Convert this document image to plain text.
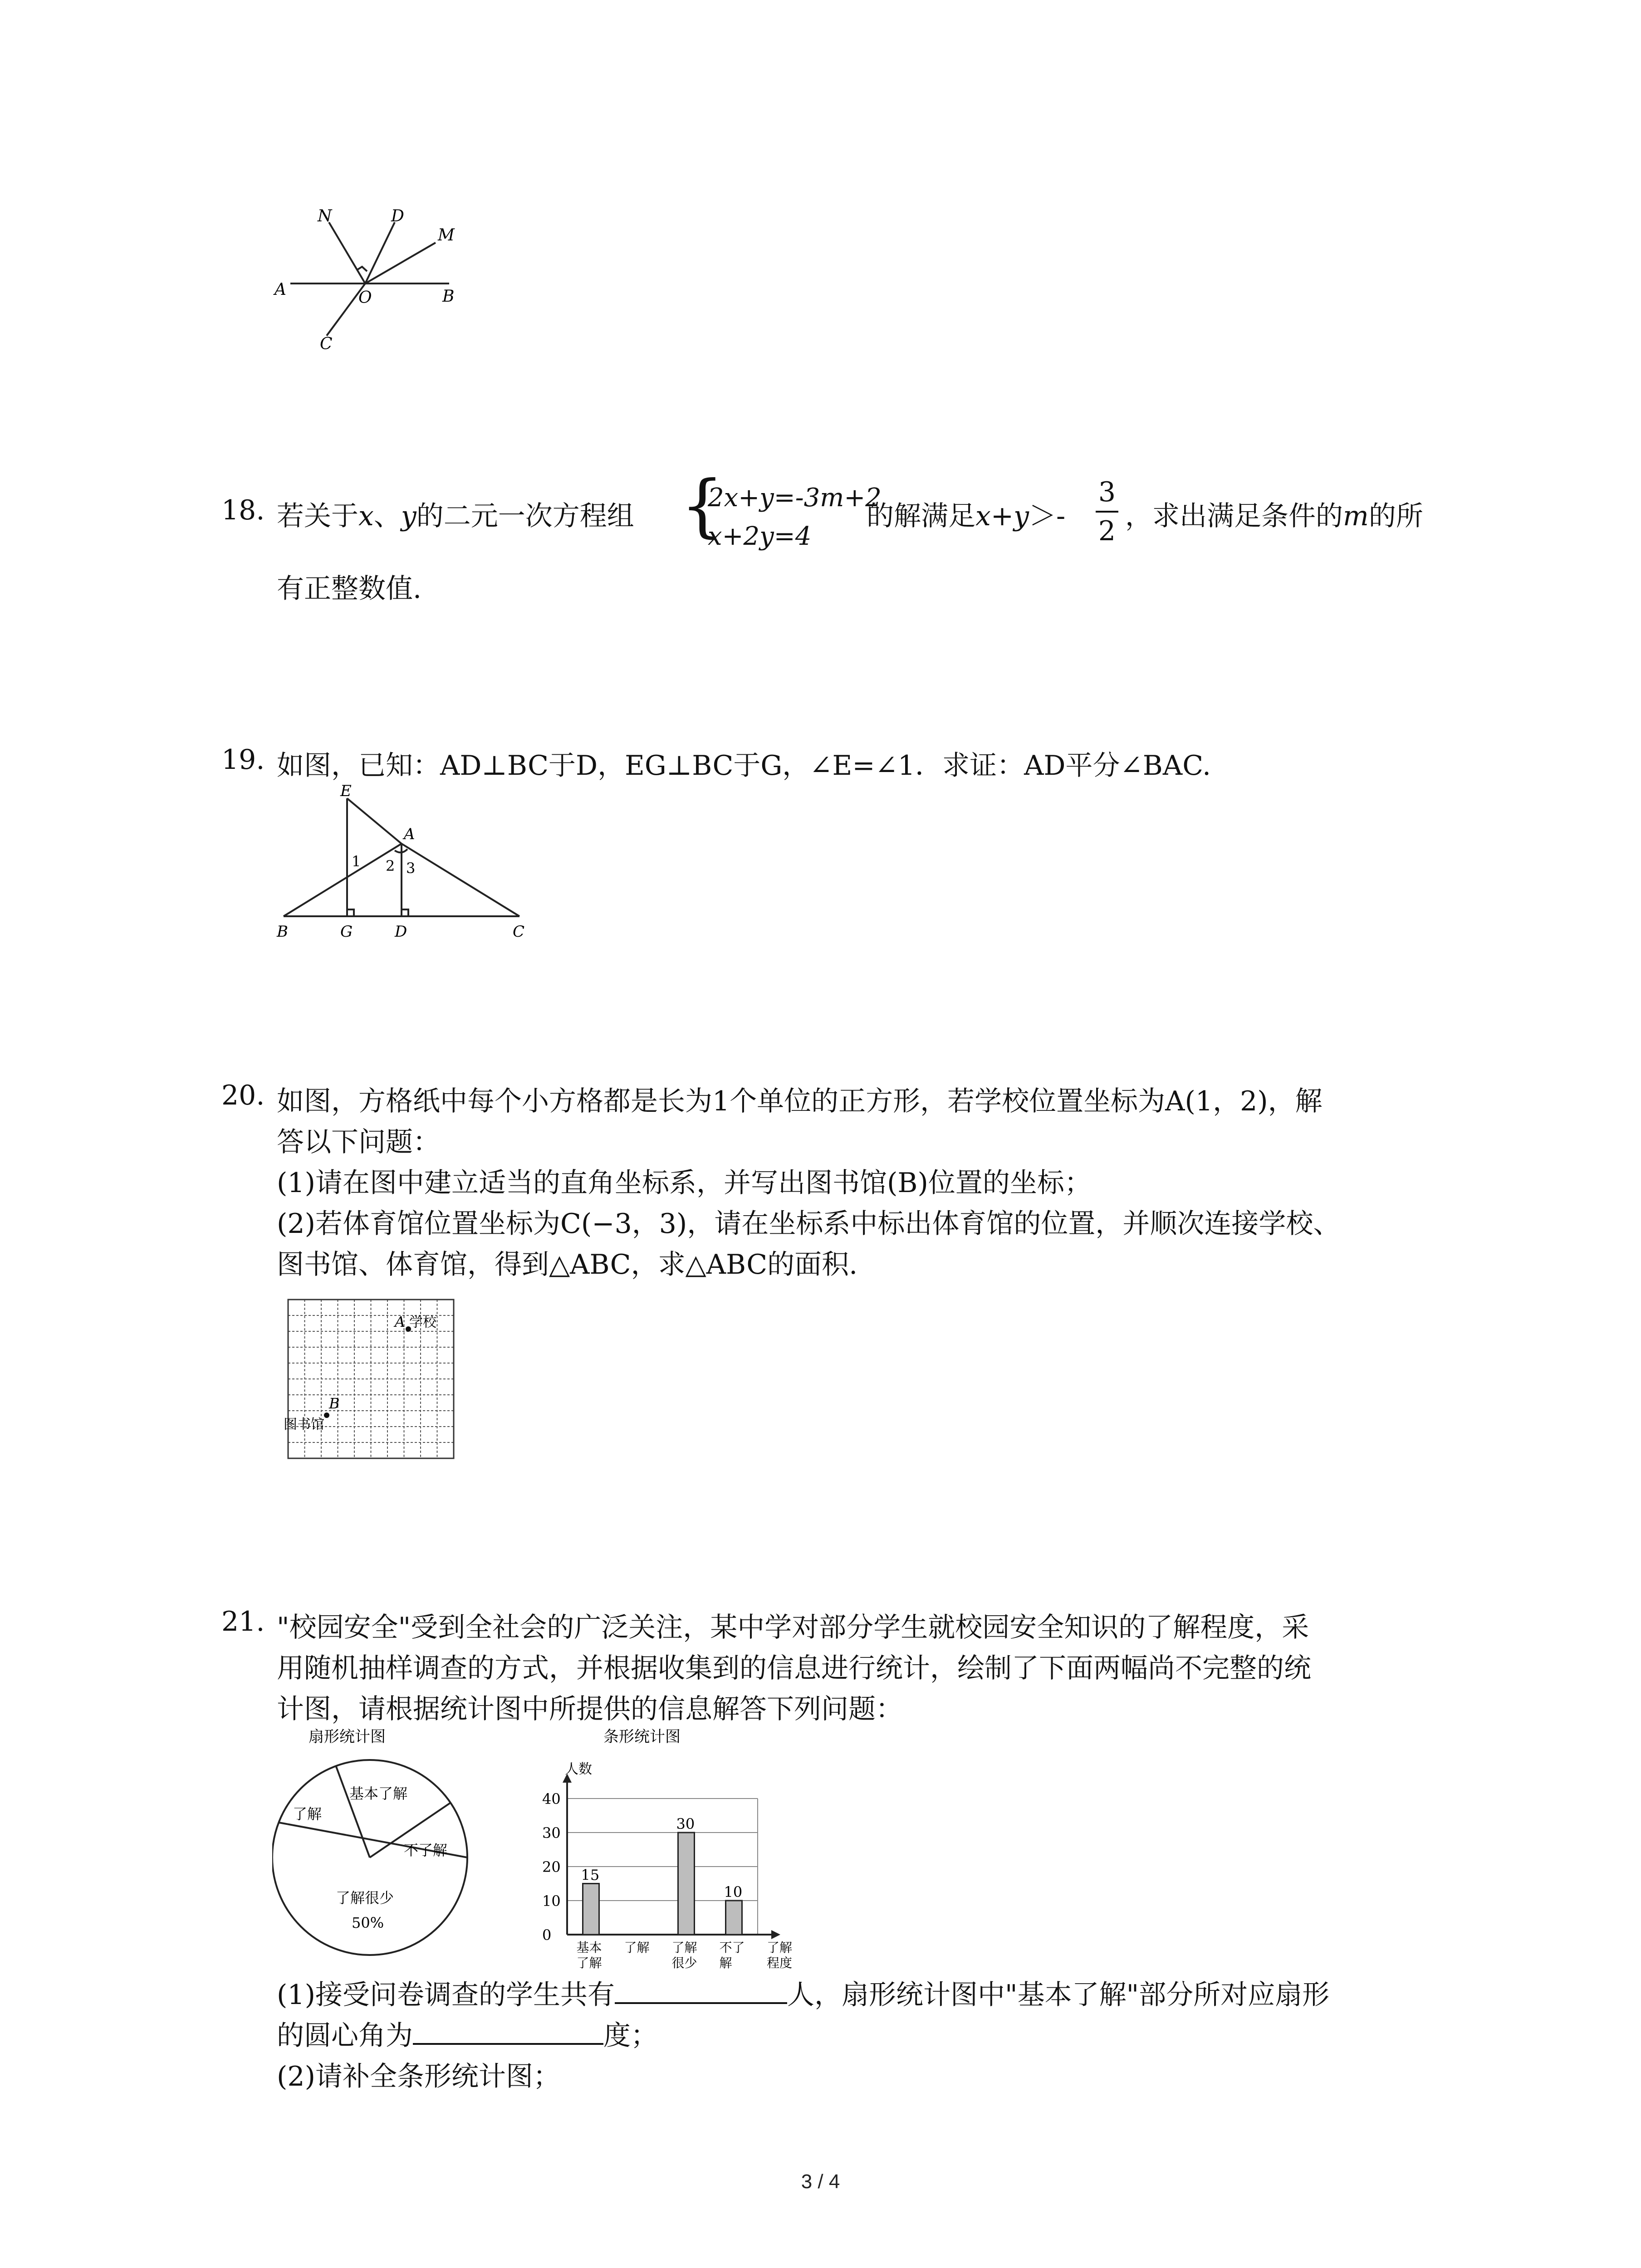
N	D
M
A	O	B
C
18. 若关于x、y的二元一次方程组 {
2x+y=-3m+2
x+2y=4
的解满足x+y＞-
3
2 ，求出满足条件的m的所
有正整数值.
19. 如图，已知：AD⊥BC于D，EG⊥BC于G，∠E=∠1．求证：AD平分∠BAC.
E
A
1 2 3
B	G	D	C
20. 如图，方格纸中每个小方格都是长为1个单位的正方形，若学校位置坐标为A(1，2)，解
答以下问题：
(1)请在图中建立适当的直角坐标系，并写出图书馆(B)位置的坐标；
(2)若体育馆位置坐标为C(−3，3)，请在坐标系中标出体育馆的位置，并顺次连接学校、
图书馆、体育馆，得到△ABC，求△ABC的面积.
A 学校
B
图书馆
21. "校园安全"受到全社会的广泛关注，某中学对部分学生就校园安全知识的了解程度，采
用随机抽样调查的方式，并根据收集到的信息进行统计，绘制了下面两幅尚不完整的统
计图，请根据统计图中所提供的信息解答下列问题：
扇形统计图
基本了解
了解
不了解
了解很少
50%
条形统计图
人数
0
10
20
30
40
15
基本
了解
了解
30
了解
很少
10
不了
解
了解
程度
(1)接受问卷调查的学生共有	人，扇形统计图中"基本了解"部分所对应扇形
的圆心角为	度；
(2)请补全条形统计图；
3 / 4
